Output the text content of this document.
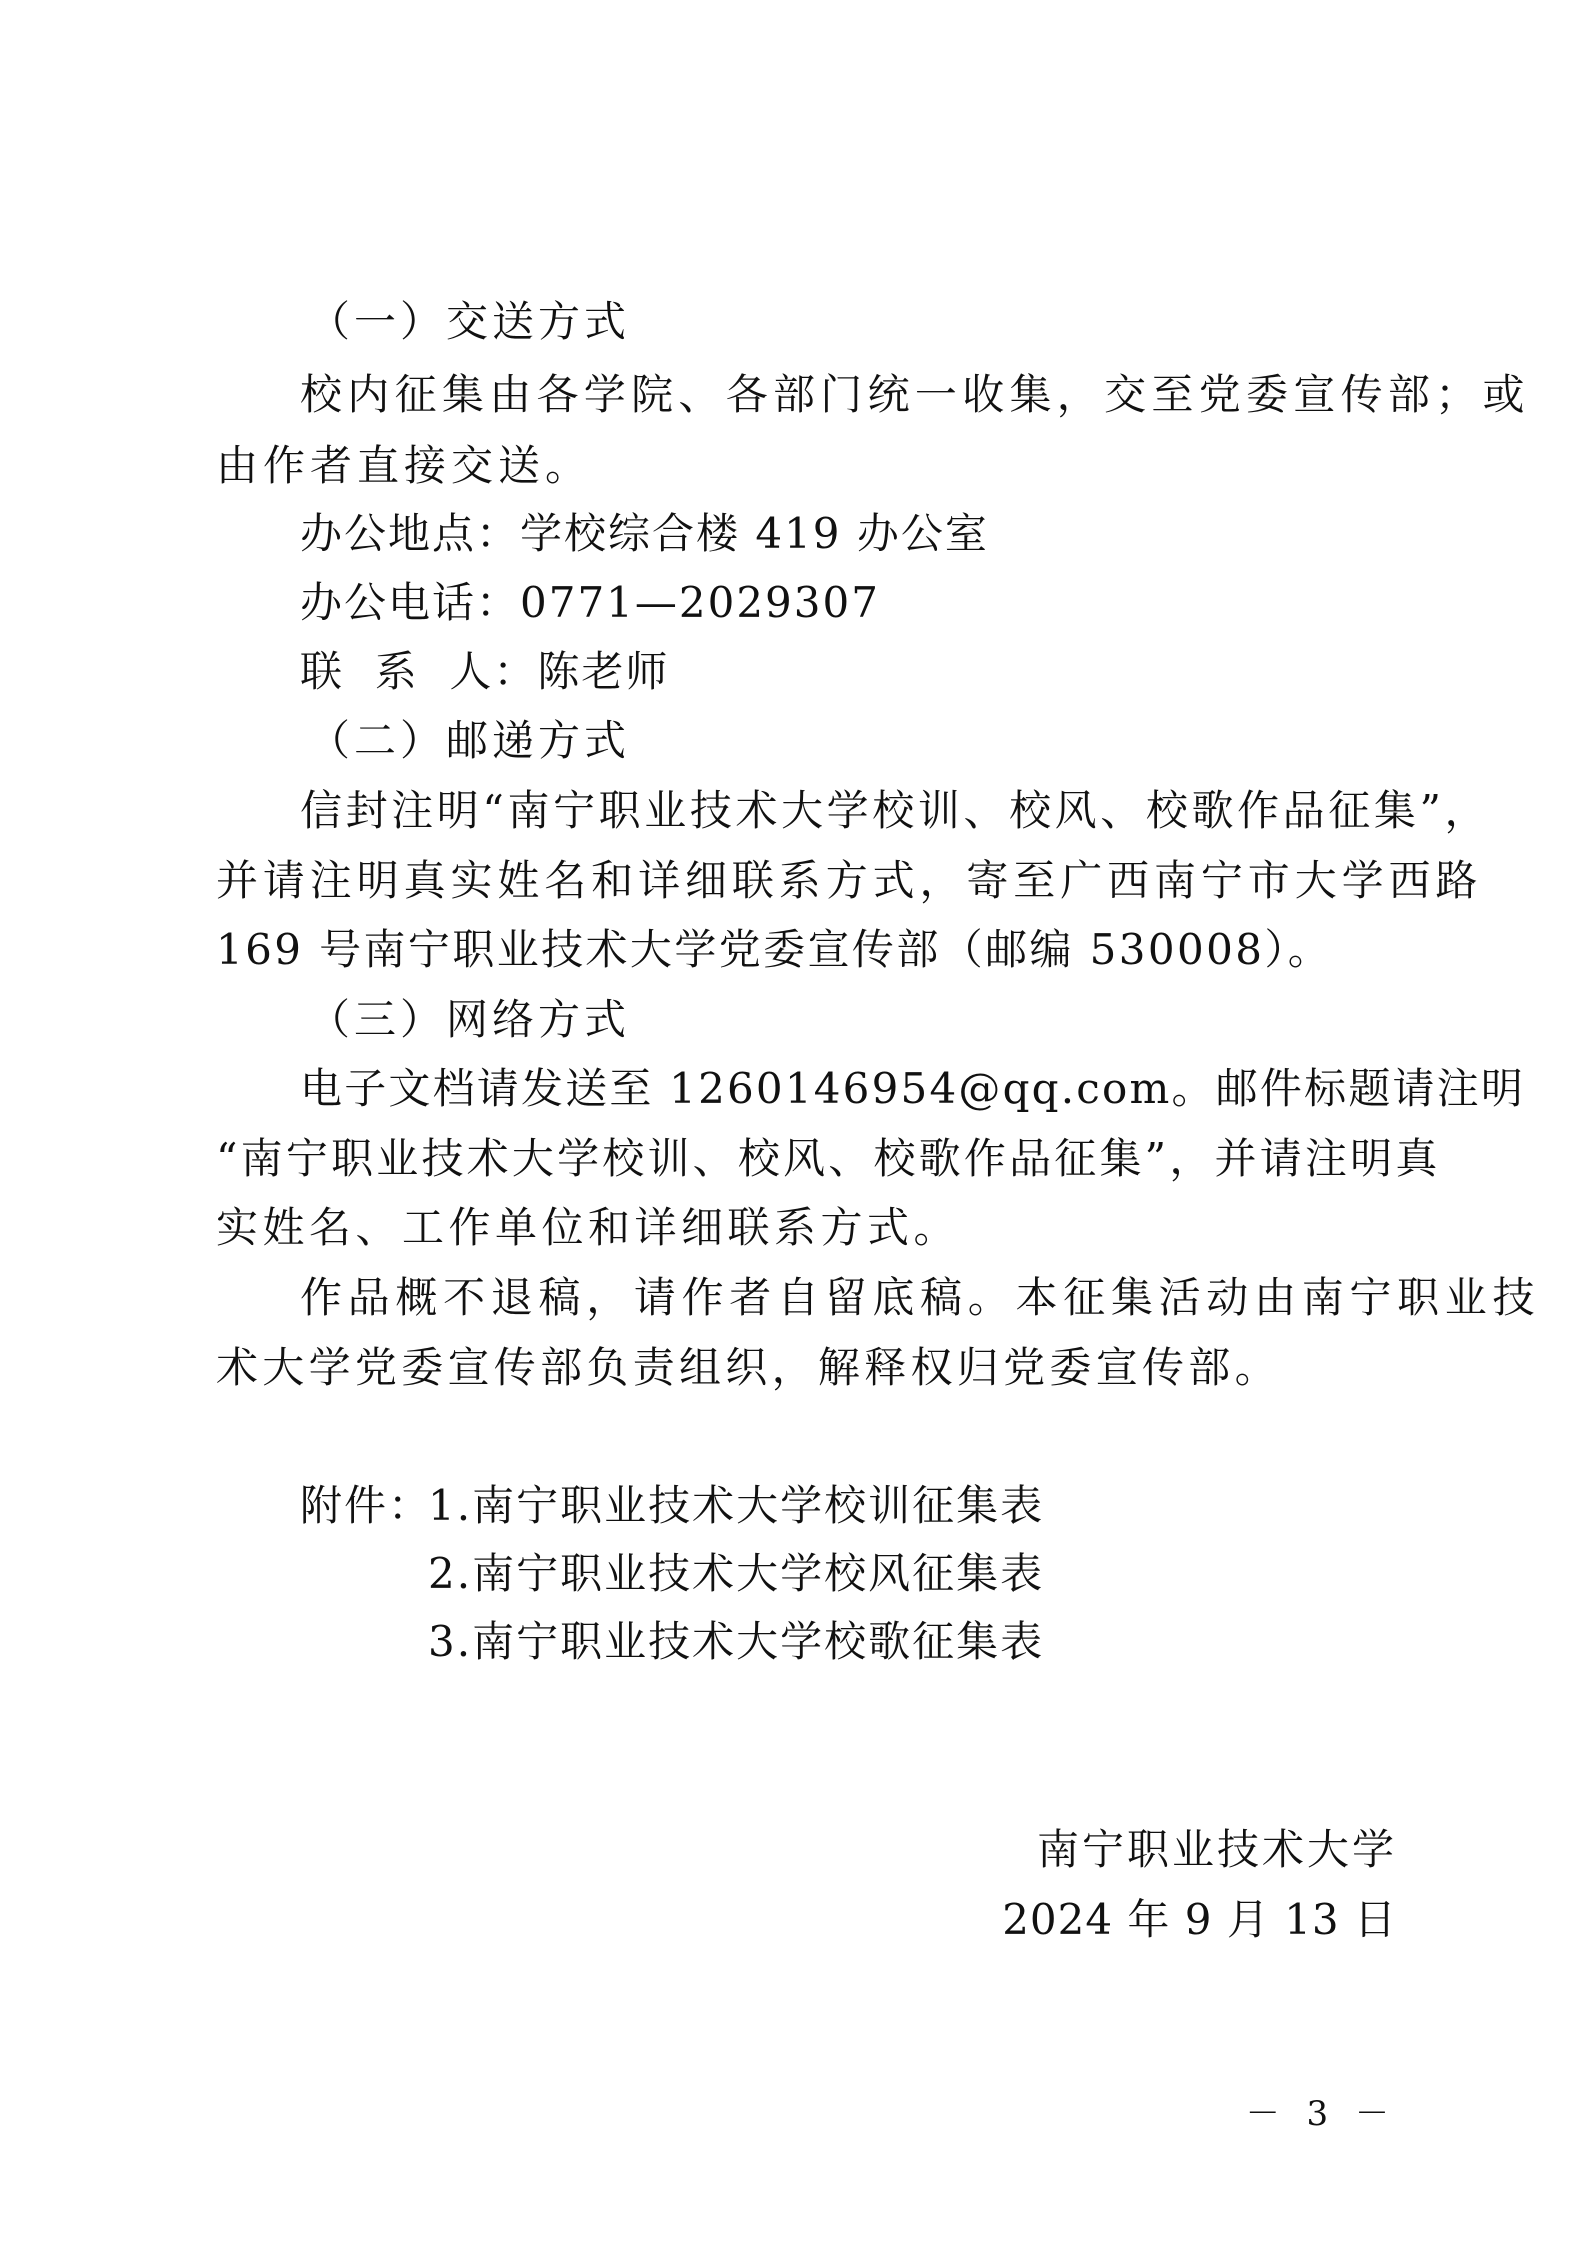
（一）交送方式
校内征集由各学院、各部门统一收集，交至党委宣传部；或
由作者直接交送。
办公地点：学校综合楼 419 办公室
办公电话：0771—2029307
联  系  人：陈老师
（二）邮递方式
信封注明“南宁职业技术大学校训、校风、校歌作品征集”，
并请注明真实姓名和详细联系方式，寄至广西南宁市大学西路
169 号南宁职业技术大学党委宣传部（邮编 530008）。
（三）网络方式
电子文档请发送至 1260146954@qq.com。邮件标题请注明
“南宁职业技术大学校训、校风、校歌作品征集”，并请注明真
实姓名、工作单位和详细联系方式。
作品概不退稿，请作者自留底稿。本征集活动由南宁职业技
术大学党委宣传部负责组织，解释权归党委宣传部。
附件：
1.南宁职业技术大学校训征集表
2.南宁职业技术大学校风征集表
3.南宁职业技术大学校歌征集表
南宁职业技术大学
2024 年 9 月 13 日
－ 3 －
